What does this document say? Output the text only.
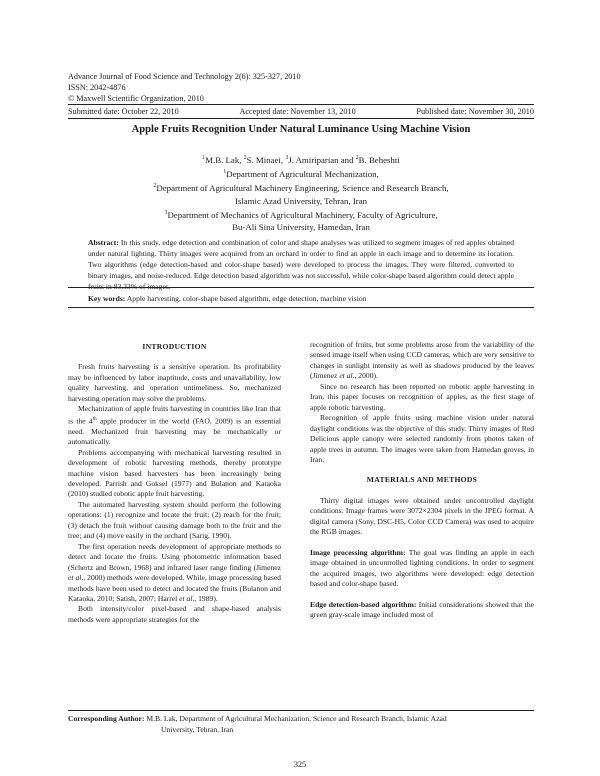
Advance Journal of Food Science and Technology 2(6): 325-327, 2010
ISSN: 2042-4876
© Maxwell Scientific Organization, 2010
Submitted date: October 22, 2010	Accepted date: November 13, 2010	Published date: November 30, 2010
Apple Fruits Recognition Under Natural Luminance Using Machine Vision
$^1$M.B. Lak, $^2$S. Minaei, $^3$J. Amiriparian and $^2$B. Beheshti
$^1$Department of Agricultural Mechanization,
$^2$Department of Agricultural Machinery Engineering, Science and Research Branch,
Islamic Azad University, Tehran, Iran
$^3$Department of Mechanics of Agricultural Machinery, Faculty of Agriculture,
Bu-Ali Sina University, Hamedan, Iran
Abstract: In this study, edge detection and combination of color and shape analyses was utilized to segment images of red apples obtained under natural lighting. Thirty images were acquired from an orchard in order to find an apple in each image and to determine its location. Two algorithms (edge detection-based and color-shape based) were developed to process the images. They were filtered, converted to binary images, and noise-reduced. Edge detection based algorithm was not successful, while color-shape based algorithm could detect apple fruits in 83.33% of images.
Key words: Apple harvesting, color-shape based algorithm, edge detection, machine vision
INTRODUCTION

Fresh fruits harvesting is a sensitive operation. Its profitability may be influenced by labor inaptitude, costs and unavailability, low quality harvesting, and operation untimeliness. So, mechanized harvesting operation may solve the problems.

Mechanization of apple fruits harvesting in countries like Iran that is the 4th apple producer in the world (FAO, 2009) is an essential need. Mechanized fruit harvesting may be mechanically or automatically.

Problems accompanying with mechanical harvesting resulted in development of robotic harvesting methods, thereby prototype machine vision based harvesters has been increasingly being developed. Parrish and Goksel (1977) and Bulanon and Kataoka (2010) studied robotic apple fruit harvesting.

The automated harvesting system should perform the following operations: (1) recognize and locate the fruit; (2) reach for the fruit; (3) detach the fruit without causing damage both to the fruit and the tree; and (4) move easily in the orchard (Sarig, 1990).

The first operation needs development of appropriate methods to detect and locate the fruits. Using photometric information based (Schertz and Brown, 1968) and infrared laser range finding (Jimenez et al., 2000) methods were developed. While, image processing based methods have been used to detect and located the fruits (Bulanon and Kataoka, 2010; Satish, 2007; Harrel et al., 1989).

Both intensity/color pixel-based and shape-based analysis methods were appropriate strategies for the

recognition of fruits, but some problems arose from the variability of the sensed image itself when using CCD cameras, which are very sensitive to changes in sunlight intensity as well as shadows produced by the leaves (Jimenez et al., 2000).

Since no research has been reported on robotic apple harvesting in Iran, this paper focuses on recognition of apples, as the first stage of apple robotic harvesting.

Recognition of apple fruits using machine vision under natural daylight conditions was the objective of this study. Thirty images of Red Delicious apple canopy were selected randomly from photos taken of apple trees in autumn. The images were taken from Hamedan groves, in Iran.

MATERIALS AND METHODS

Thirty digital images were obtained under uncontrolled daylight conditions. Image frames were 3072×2304 pixels in the JPEG format. A digital camera (Sony, DSC-H5, Color CCD Camera) was used to acquire the RGB images.

Image processing algorithm: The goal was finding an apple in each image obtained in uncontrolled lighting conditions. In order to segment the acquired images, two algorithms were developed: edge detection based and color-shape based.

Edge detection-based algorithm: Initial considerations showed that the green gray-scale image included most of

Corresponding Author: M.B. Lak, Department of Agricultural Mechanization, Science and Research Branch, Islamic Azad
University, Tehran, Iran
325
